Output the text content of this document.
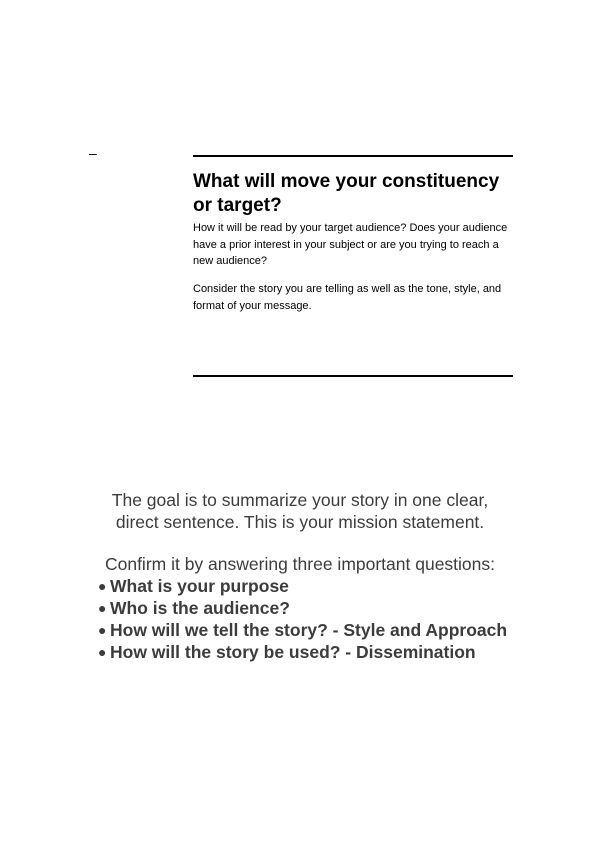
–
What will move your constituency or target?

How it will be read by your target audience? Does your audience have a prior interest in your subject or are you trying to reach a new audience?

Consider the story you are telling as well as the tone, style, and format of your message.

The goal is to summarize your story in one clear, direct sentence. This is your mission statement.

Confirm it by answering three important questions:

● What is your purpose
● Who is the audience?
● How will we tell the story? - Style and Approach
● How will the story be used? - Dissemination
